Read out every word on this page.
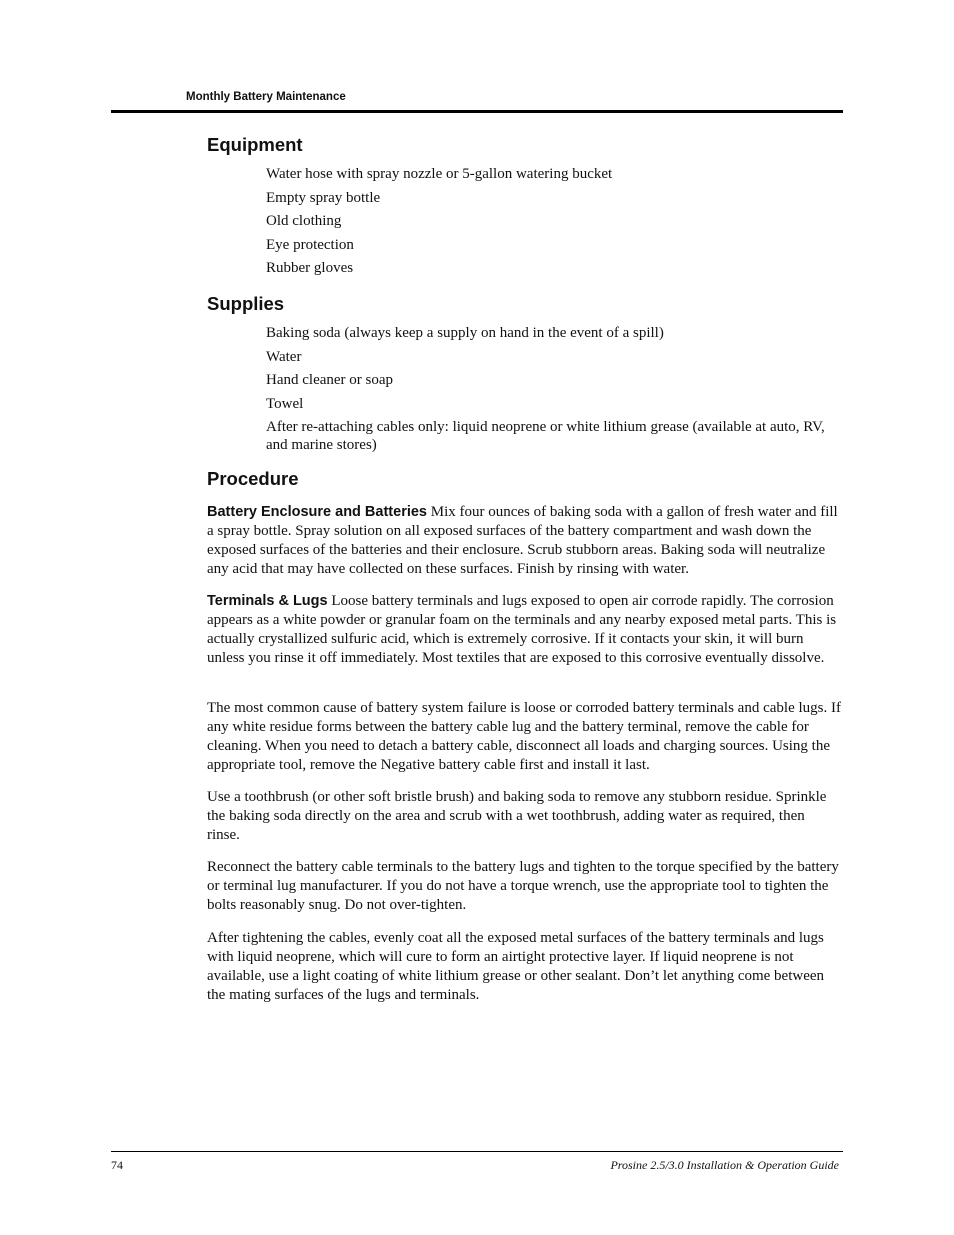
Monthly Battery Maintenance
Equipment
Water hose with spray nozzle or 5-gallon watering bucket
Empty spray bottle
Old clothing
Eye protection
Rubber gloves
Supplies
Baking soda (always keep a supply on hand in the event of a spill)
Water
Hand cleaner or soap
Towel
After re-attaching cables only: liquid neoprene or white lithium grease (available at auto, RV, and marine stores)
Procedure

Battery Enclosure and Batteries Mix four ounces of baking soda with a gallon of fresh water and fill a spray bottle. Spray solution on all exposed surfaces of the battery compartment and wash down the exposed surfaces of the batteries and their enclosure. Scrub stubborn areas. Baking soda will neutralize any acid that may have collected on these surfaces. Finish by rinsing with water.

Terminals & Lugs Loose battery terminals and lugs exposed to open air corrode rapidly. The corrosion appears as a white powder or granular foam on the terminals and any nearby exposed metal parts. This is actually crystallized sulfuric acid, which is extremely corrosive. If it contacts your skin, it will burn unless you rinse it off immediately. Most textiles that are exposed to this corrosive eventually dissolve.

The most common cause of battery system failure is loose or corroded battery terminals and cable lugs. If any white residue forms between the battery cable lug and the battery terminal, remove the cable for cleaning. When you need to detach a battery cable, disconnect all loads and charging sources. Using the appropriate tool, remove the Negative battery cable first and install it last.

Use a toothbrush (or other soft bristle brush) and baking soda to remove any stubborn residue. Sprinkle the baking soda directly on the area and scrub with a wet toothbrush, adding water as required, then rinse.

Reconnect the battery cable terminals to the battery lugs and tighten to the torque specified by the battery or terminal lug manufacturer. If you do not have a torque wrench, use the appropriate tool to tighten the bolts reasonably snug. Do not over-tighten.

After tightening the cables, evenly coat all the exposed metal surfaces of the battery terminals and lugs with liquid neoprene, which will cure to form an airtight protective layer. If liquid neoprene is not available, use a light coating of white lithium grease or other sealant. Don’t let anything come between the mating surfaces of the lugs and terminals.

74	Prosine 2.5/3.0 Installation & Operation Guide
